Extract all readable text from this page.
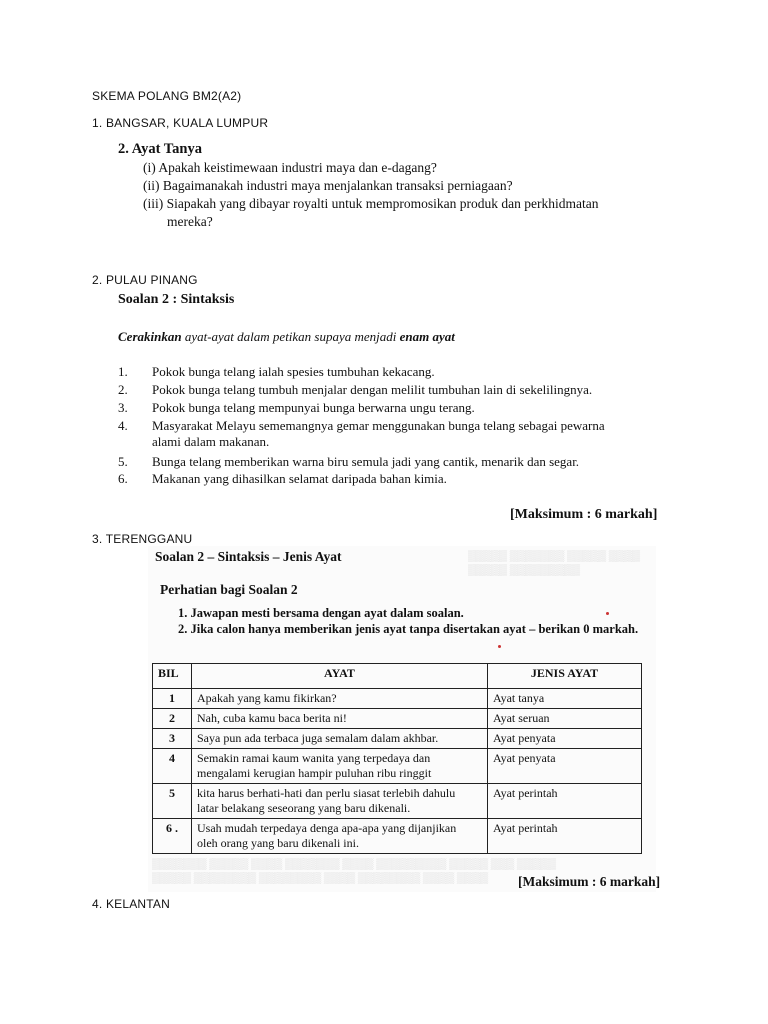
SKEMA POLANG BM2(A2)
1. BANGSAR, KUALA LUMPUR
2. Ayat Tanya
(i) Apakah keistimewaan industri maya dan e-dagang?
(ii) Bagaimanakah industri maya menjalankan transaksi perniagaan?
(iii) Siapakah yang dibayar royalti untuk mempromosikan produk dan perkhidmatan
mereka?
2. PULAU PINANG
Soalan 2 : Sintaksis
Cerakinkan ayat-ayat dalam petikan supaya menjadi enam ayat
1. Pokok bunga telang ialah spesies tumbuhan kekacang.
2. Pokok bunga telang tumbuh menjalar dengan melilit tumbuhan lain di sekelilingnya.
3. Pokok bunga telang mempunyai bunga berwarna ungu terang.
4. Masyarakat Melayu sememangnya gemar menggunakan bunga telang sebagai pewarna
alami dalam makanan.
5. Bunga telang memberikan warna biru semula jadi yang cantik, menarik dan segar.
6. Makanan yang dihasilkan selamat daripada bahan kimia.
[Maksimum : 6 markah]
3. TERENGGANU
▒▒▒▒▒ ▒▒▒▒▒▒▒ ▒▒▒▒▒ ▒▒▒▒
▒▒▒▒▒ ▒▒▒▒▒▒▒▒▒
▒▒▒▒▒▒▒ ▒▒▒▒▒ ▒▒▒▒ ▒▒▒▒▒▒▒ ▒▒▒▒ ▒▒▒▒▒▒▒▒▒ ▒▒▒▒▒ ▒▒▒ ▒▒▒▒▒
▒▒▒▒▒ ▒▒▒▒▒▒▒▒ ▒▒▒▒▒▒▒▒ ▒▒▒▒ ▒▒▒▒▒▒▒▒ ▒▒▒▒ ▒▒▒▒
Soalan 2 – Sintaksis – Jenis Ayat
Perhatian bagi Soalan 2
1. Jawapan mesti bersama dengan ayat dalam soalan.
2. Jika calon hanya memberikan jenis ayat tanpa disertakan ayat – berikan 0 markah.
BIL	AYAT	JENIS AYAT
1	Apakah yang kamu fikirkan?	Ayat tanya
2	Nah, cuba kamu baca berita ni!	Ayat seruan
3	Saya pun ada terbaca juga semalam dalam akhbar.	Ayat penyata
4	Semakin ramai kaum wanita yang terpedaya dan
mengalami kerugian hampir puluhan ribu ringgit	Ayat penyata
5	kita harus berhati-hati dan perlu siasat terlebih dahulu
latar belakang seseorang yang baru dikenali.	Ayat perintah
6 .	Usah mudah terpedaya denga apa-apa yang dijanjikan
oleh orang yang baru dikenali ini.	Ayat perintah
[Maksimum : 6 markah]
4. KELANTAN
